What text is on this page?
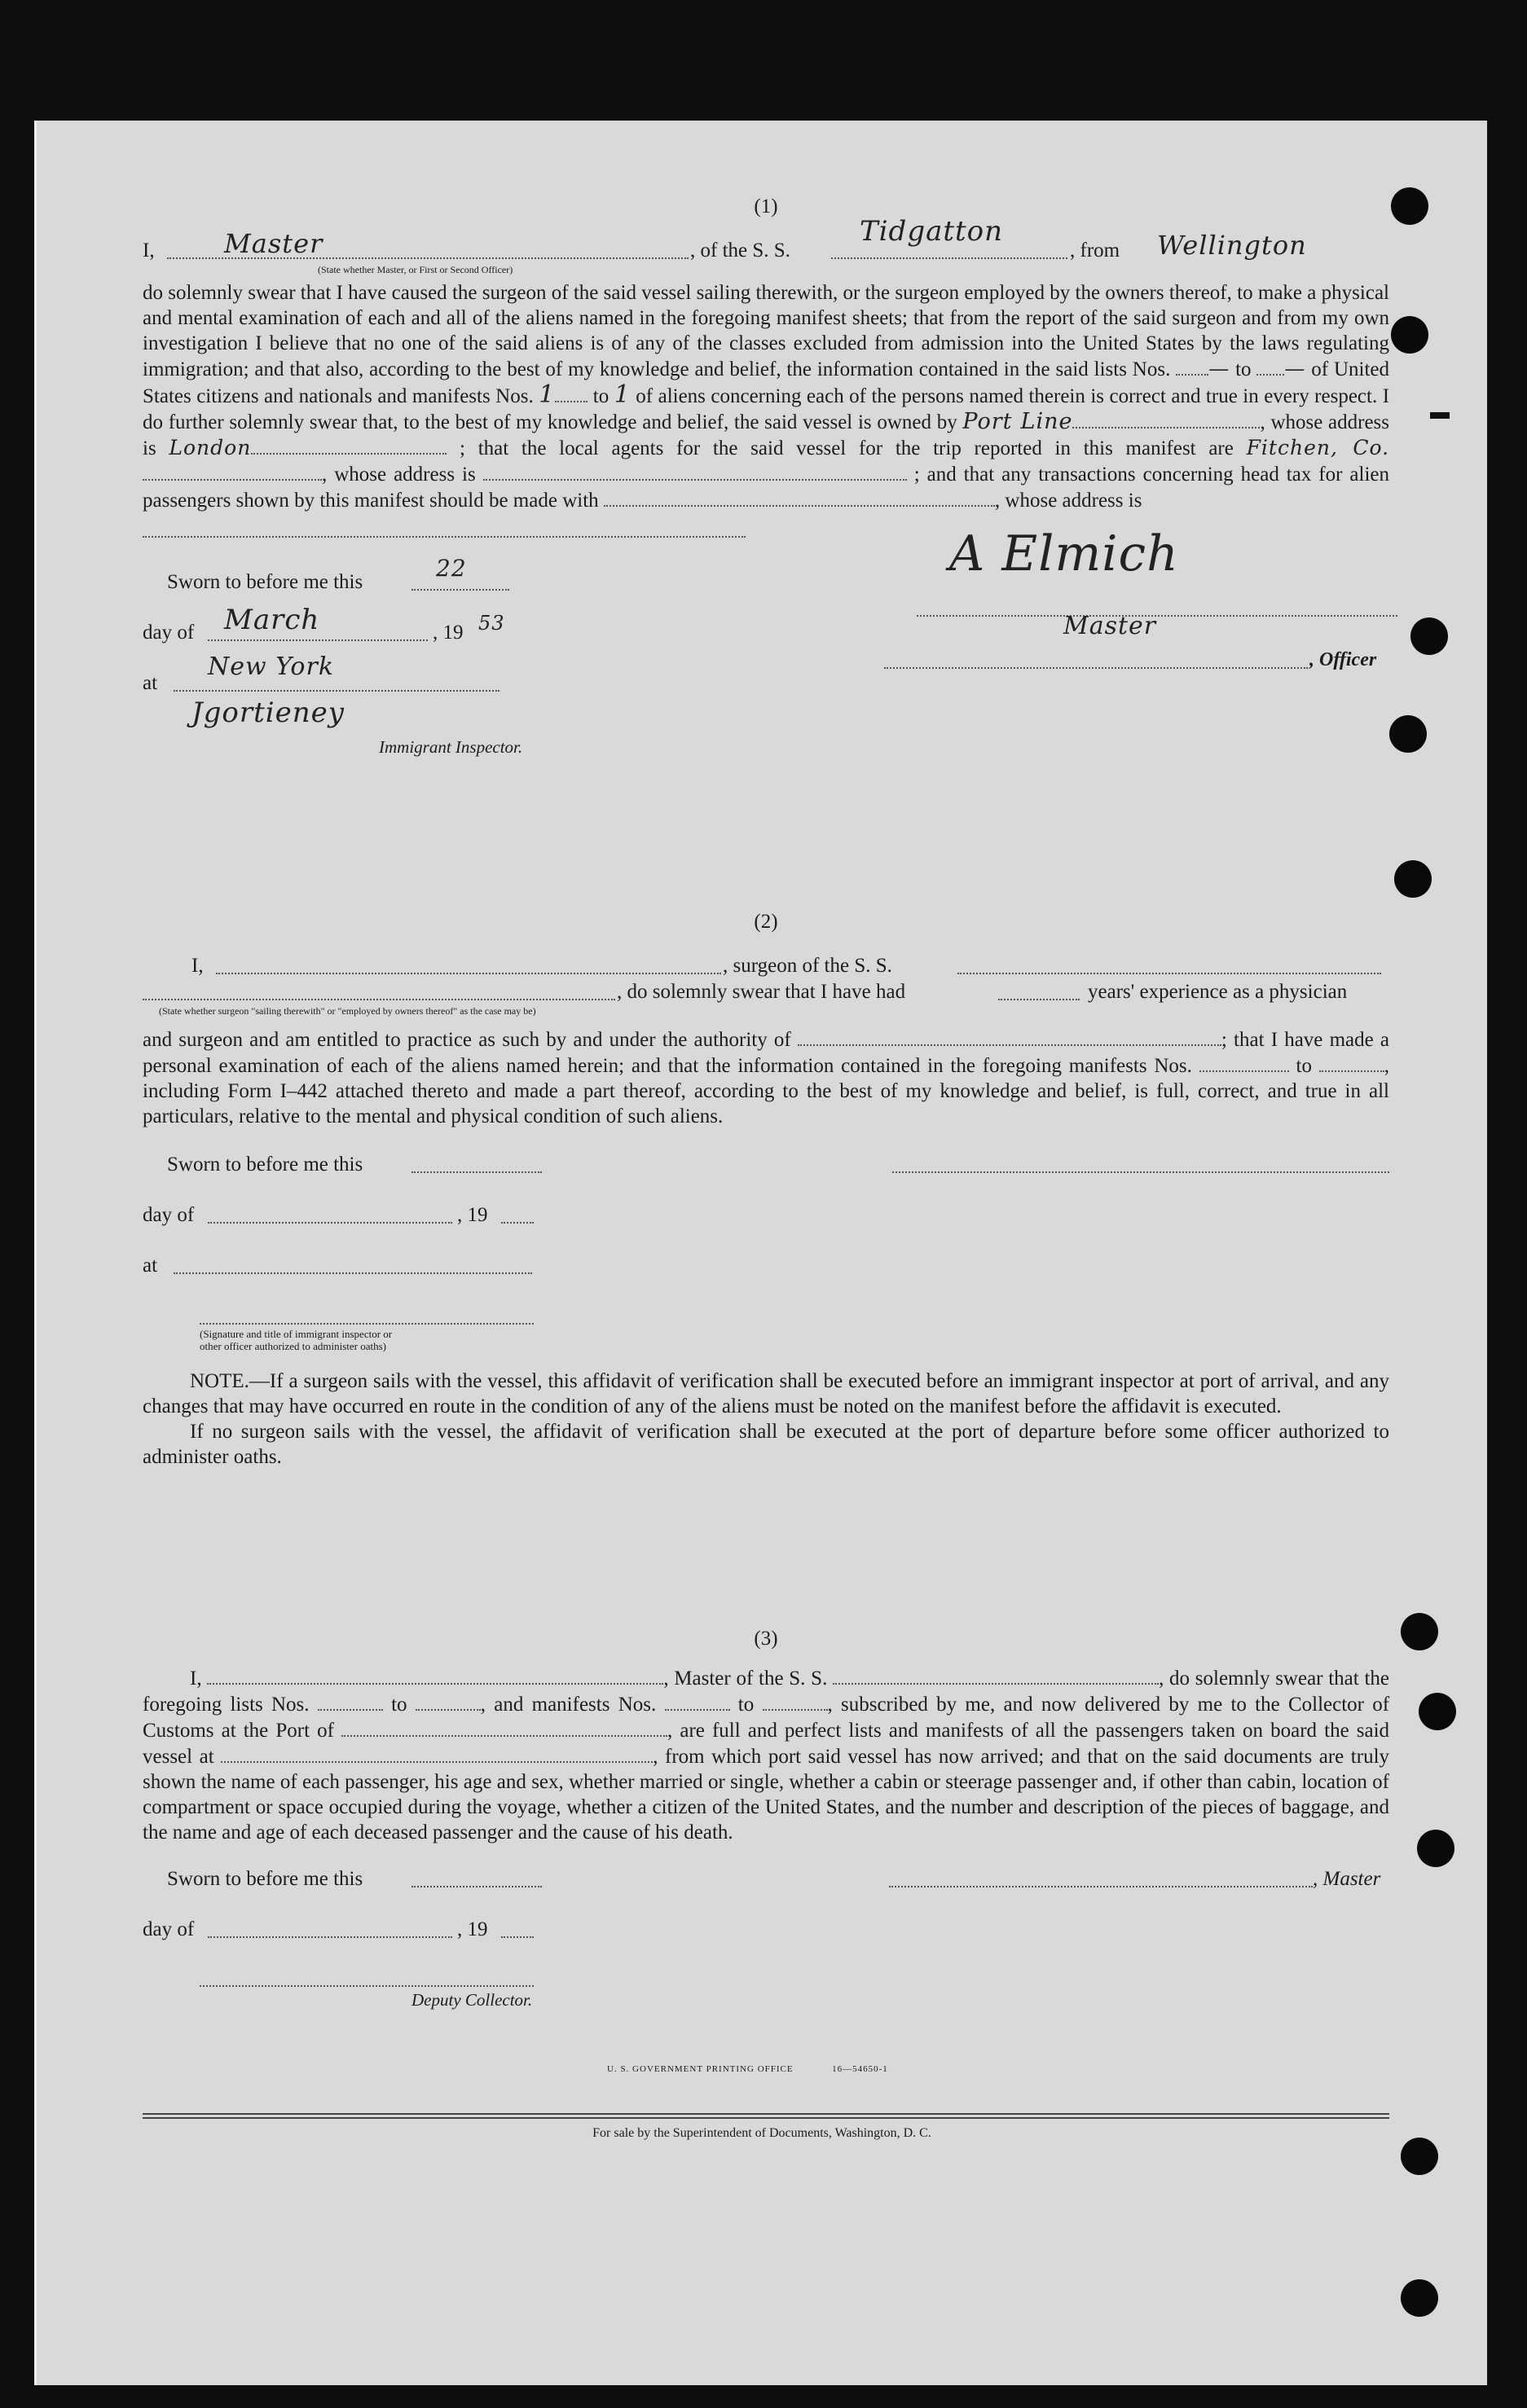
(1)
I,	Master
(State whether Master, or First or Second Officer)
, of the S. S.
Tidgatton
, from Wellington

do solemnly swear that I have caused the surgeon of the said vessel sailing therewith, or the surgeon employed by the owners thereof, to make a physical and mental examination of each and all of the aliens named in the foregoing manifest sheets; that from the report of the said surgeon and from my own investigation I believe that no one of the said aliens is of any of the classes excluded from admission into the United States by the laws regulating immigration; and that also, according to the best of my knowledge and belief, the information contained in the said lists Nos. — to — of United States citizens and nationals and manifests Nos. 1 to 1 of aliens concerning each of the persons named therein is correct and true in every respect. I do further solemnly swear that, to the best of my knowledge and belief, the said vessel is owned by Port Line	, whose address is London	; that the local agents for the said vessel for the trip reported in this manifest are Fitchen, Co., whose address is	; and that any transactions concerning head tax for alien passengers shown by this manifest should be made with	, whose address is

Sworn to before me this
22
day of March	, 19 53
at
New York
Jgortieney
Immigrant Inspector.
A Elmich
Master
, Officer
(2)
I,	, surgeon of the S. S.
, do solemnly swear that I have had	years' experience as a physician
(State whether surgeon "sailing therewith" or "employed by owners thereof" as the case may be)

and surgeon and am entitled to practice as such by and under the authority of	; that I have made a personal examination of each of the aliens named herein; and that the information contained in the foregoing manifests Nos.	to	, including Form I–442 attached thereto and made a part thereof, according to the best of my knowledge and belief, is full, correct, and true in all particulars, relative to the mental and physical condition of such aliens.

Sworn to before me this
day of	, 19
at
(Signature and title of immigrant inspector or
other officer authorized to administer oaths)

NOTE.—If a surgeon sails with the vessel, this affidavit of verification shall be executed before an immigrant inspector at port of arrival, and any changes that may have occurred en route in the condition of any of the aliens must be noted on the manifest before the affidavit is executed.

If no surgeon sails with the vessel, the affidavit of verification shall be executed at the port of departure before some officer authorized to administer oaths.

(3)

I,	, Master of the S. S.	, do solemnly swear that the foregoing lists Nos.	to	, and manifests Nos.	to	, subscribed by me, and now delivered by me to the Collector of Customs at the Port of	, are full and perfect lists and manifests of all the passengers taken on board the said vessel at	, from which port said vessel has now arrived; and that on the said documents are truly shown the name of each passenger, his age and sex, whether married or single, whether a cabin or steerage passenger and, if other than cabin, location of compartment or space occupied during the voyage, whether a citizen of the United States, and the number and description of the pieces of baggage, and the name and age of each deceased passenger and the cause of his death.

Sworn to before me this	, Master
day of	, 19
Deputy Collector.
U. S. GOVERNMENT PRINTING OFFICE	16—54650-1
For sale by the Superintendent of Documents, Washington, D. C.
